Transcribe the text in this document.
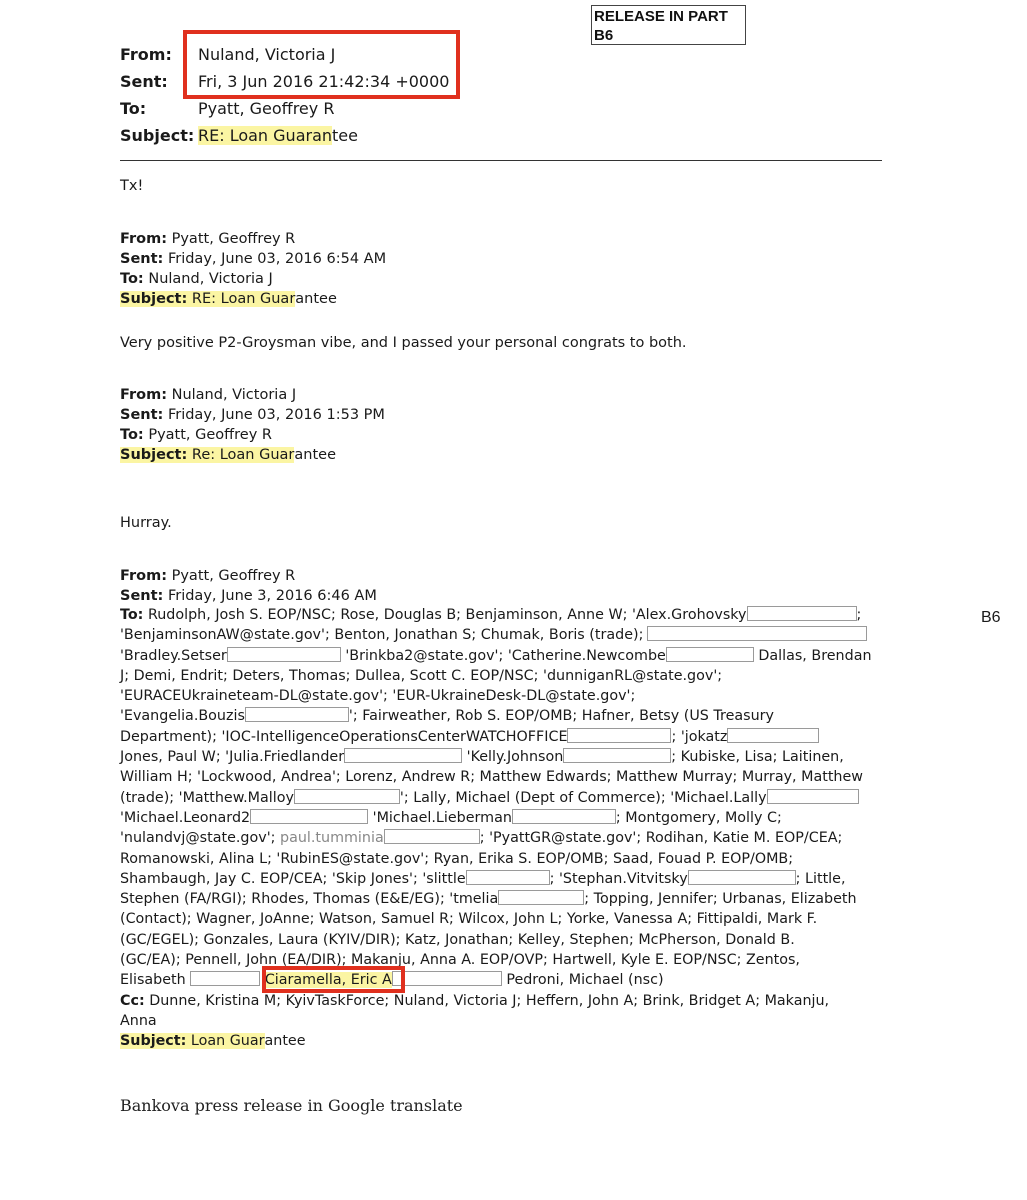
RELEASE IN PART
B6
From: Nuland, Victoria J
Sent: Fri, 3 Jun 2016 21:42:34 +0000
To:	Pyatt, Geoffrey R
Subject: RE: Loan Guarantee
Tx!
From: Pyatt, Geoffrey R
Sent: Friday, June 03, 2016 6:54 AM
To: Nuland, Victoria J
Subject: RE: Loan Guarantee
Very positive P2-Groysman vibe, and I passed your personal congrats to both.
From: Nuland, Victoria J
Sent: Friday, June 03, 2016 1:53 PM
To: Pyatt, Geoffrey R
Subject: Re: Loan Guarantee
Hurray.
From: Pyatt, Geoffrey R
Sent: Friday, June 3, 2016 6:46 AM
To: Rudolph, Josh S. EOP/NSC; Rose, Douglas B; Benjaminson, Anne W; 'Alex.Grohovsky	;
'BenjaminsonAW@state.gov'; Benton, Jonathan S; Chumak, Boris (trade);
'Bradley.Setser	'Brinkba2@state.gov'; 'Catherine.Newcombe	Dallas, Brendan
J; Demi, Endrit; Deters, Thomas; Dullea, Scott C. EOP/NSC; 'dunniganRL@state.gov';
'EURACEUkraineteam-DL@state.gov'; 'EUR-UkraineDesk-DL@state.gov';
'Evangelia.Bouzis	'; Fairweather, Rob S. EOP/OMB; Hafner, Betsy (US Treasury
Department); 'IOC-IntelligenceOperationsCenterWATCHOFFICE	; 'jokatz
Jones, Paul W; 'Julia.Friedlander	'Kelly.Johnson	; Kubiske, Lisa; Laitinen,
William H; 'Lockwood, Andrea'; Lorenz, Andrew R; Matthew Edwards; Matthew Murray; Murray, Matthew
(trade); 'Matthew.Malloy	'; Lally, Michael (Dept of Commerce); 'Michael.Lally
'Michael.Leonard2	'Michael.Lieberman	; Montgomery, Molly C;
'nulandvj@state.gov'; paul.tumminia	; 'PyattGR@state.gov'; Rodihan, Katie M. EOP/CEA;
Romanowski, Alina L; 'RubinES@state.gov'; Ryan, Erika S. EOP/OMB; Saad, Fouad P. EOP/OMB;
Shambaugh, Jay C. EOP/CEA; 'Skip Jones'; 'slittle	; 'Stephan.Vitvitsky	; Little,
Stephen (FA/RGI); Rhodes, Thomas (E&E/EG); 'tmelia	; Topping, Jennifer; Urbanas, Elizabeth
(Contact); Wagner, JoAnne; Watson, Samuel R; Wilcox, John L; Yorke, Vanessa A; Fittipaldi, Mark F.
(GC/EGEL); Gonzales, Laura (KYIV/DIR); Katz, Jonathan; Kelley, Stephen; McPherson, Donald B.
(GC/EA); Pennell, John (EA/DIR); Makanju, Anna A. EOP/OVP; Hartwell, Kyle E. EOP/NSC; Zentos,
Elisabeth	Ciaramella, Eric A	Pedroni, Michael (nsc)
Cc: Dunne, Kristina M; KyivTaskForce; Nuland, Victoria J; Heffern, John A; Brink, Bridget A; Makanju,
Anna
Subject: Loan Guarantee
B6
Bankova press release in Google translate
